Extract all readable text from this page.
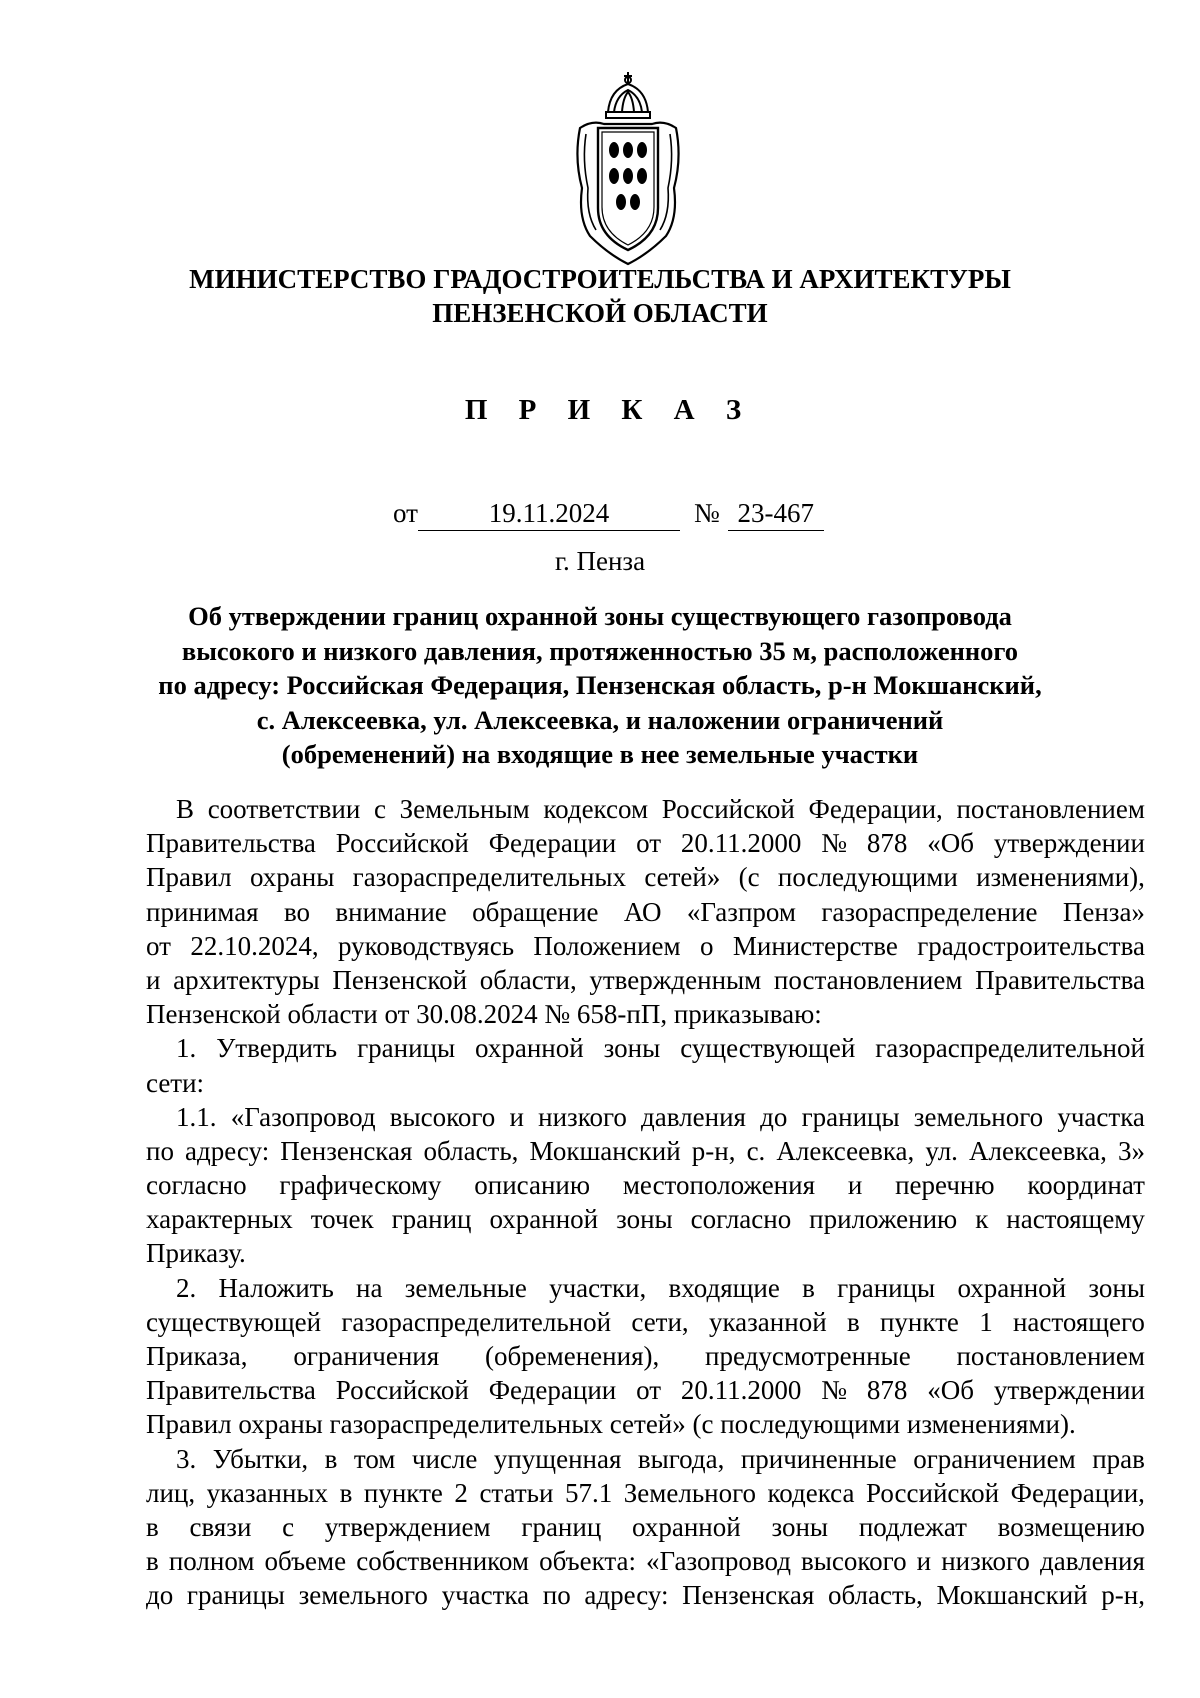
МИНИСТЕРСТВО ГРАДОСТРОИТЕЛЬСТВА И АРХИТЕКТУРЫ
ПЕНЗЕНСКОЙ ОБЛАСТИ
П Р И К А З
от	19.11.2024	№ 23-467
г. Пенза
Об утверждении границ охранной зоны существующего газопровода
высокого и низкого давления, протяженностью 35 м, расположенного
по адресу: Российская Федерация, Пензенская область, р-н Мокшанский,
с. Алексеевка, ул. Алексеевка, и наложении ограничений
(обременений) на входящие в нее земельные участки
В соответствии с Земельным кодексом Российской Федерации, постановлением
Правительства Российской Федерации от 20.11.2000 № 878 «Об утверждении
Правил охраны газораспределительных сетей» (с последующими изменениями),
принимая во внимание обращение АО «Газпром газораспределение Пенза»
от 22.10.2024, руководствуясь Положением о Министерстве градостроительства
и архитектуры Пензенской области, утвержденным постановлением Правительства
Пензенской области от 30.08.2024 № 658-пП, приказываю:
1. Утвердить границы охранной зоны существующей газораспределительной
сети:
1.1. «Газопровод высокого и низкого давления до границы земельного участка
по адресу: Пензенская область, Мокшанский р-н, с. Алексеевка, ул. Алексеевка, 3»
согласно графическому описанию местоположения и перечню координат
характерных точек границ охранной зоны согласно приложению к настоящему
Приказу.
2. Наложить на земельные участки, входящие в границы охранной зоны
существующей газораспределительной сети, указанной в пункте 1 настоящего
Приказа, ограничения (обременения), предусмотренные постановлением
Правительства Российской Федерации от 20.11.2000 № 878 «Об утверждении
Правил охраны газораспределительных сетей» (с последующими изменениями).
3. Убытки, в том числе упущенная выгода, причиненные ограничением прав
лиц, указанных в пункте 2 статьи 57.1 Земельного кодекса Российской Федерации,
в связи с утверждением границ охранной зоны подлежат возмещению
в полном объеме собственником объекта: «Газопровод высокого и низкого давления
до границы земельного участка по адресу: Пензенская область, Мокшанский р-н,
